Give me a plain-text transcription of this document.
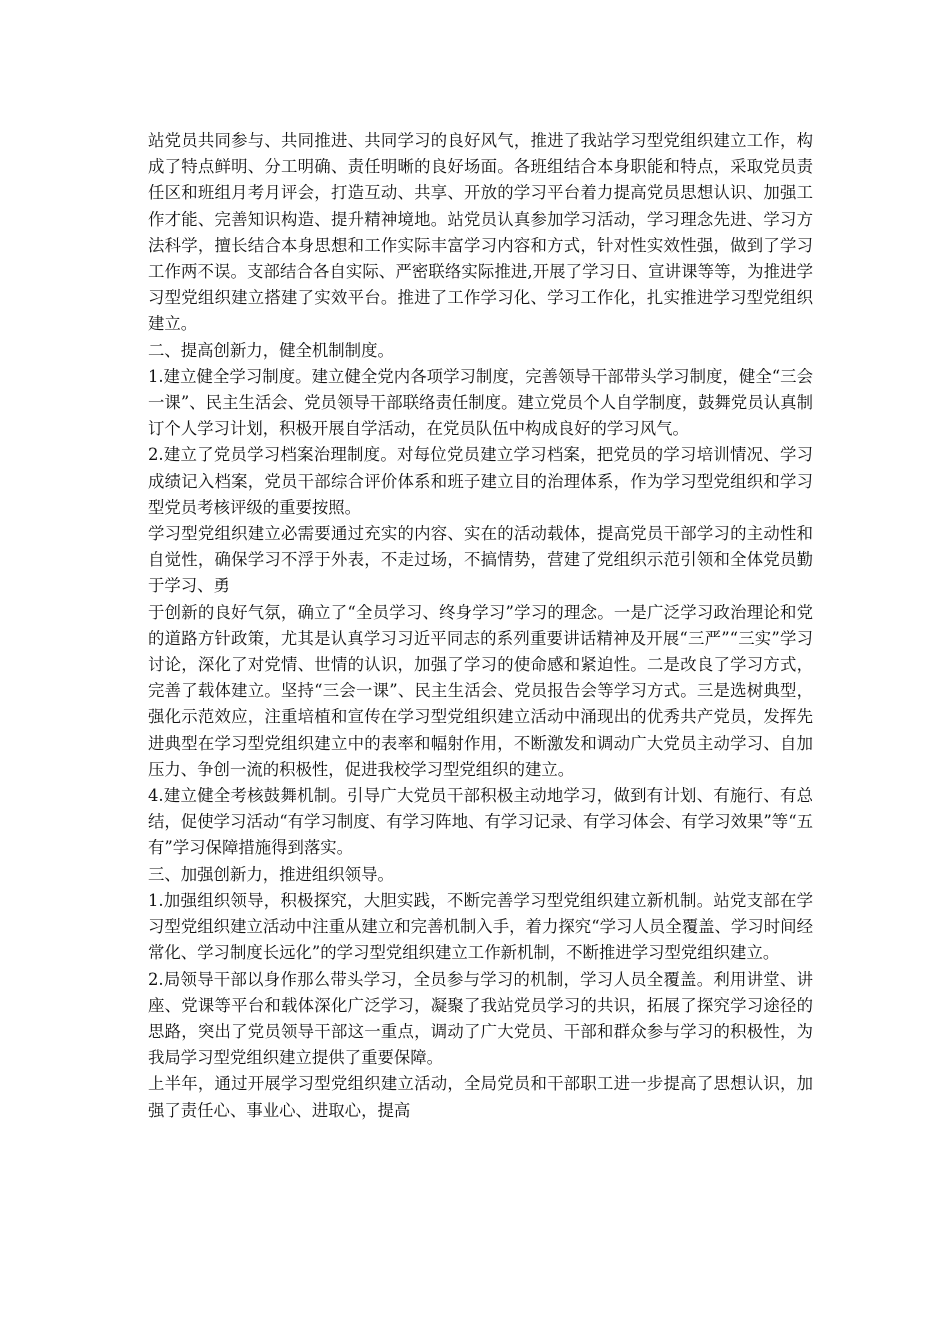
站党员共同参与、共同推进、共同学习的良好风气，推进了我站学习型党组织建立工作，构成了特点鲜明、分工明确、责任明晰的良好场面。各班组结合本身职能和特点，采取党员责任区和班组月考月评会，打造互动、共享、开放的学习平台着力提高党员思想认识、加强工作才能、完善知识构造、提升精神境地。站党员认真参加学习活动，学习理念先进、学习方法科学，擅长结合本身思想和工作实际丰富学习内容和方式，针对性实效性强，做到了学习工作两不误。支部结合各自实际、严密联络实际推进,开展了学习日、宣讲课等等，为推进学习型党组织建立搭建了实效平台。推进了工作学习化、学习工作化，扎实推进学习型党组织建立。

二、提高创新力，健全机制制度。

1.建立健全学习制度。建立健全党内各项学习制度，完善领导干部带头学习制度，健全“三会一课”、民主生活会、党员领导干部联络责任制度。建立党员个人自学制度，鼓舞党员认真制订个人学习计划，积极开展自学活动，在党员队伍中构成良好的学习风气。

2.建立了党员学习档案治理制度。对每位党员建立学习档案，把党员的学习培训情况、学习成绩记入档案，党员干部综合评价体系和班子建立目的治理体系，作为学习型党组织和学习型党员考核评级的重要按照。

学习型党组织建立必需要通过充实的内容、实在的活动载体，提高党员干部学习的主动性和自觉性，确保学习不浮于外表，不走过场，不搞情势，营建了党组织示范引领和全体党员勤于学习、勇

于创新的良好气氛，确立了“全员学习、终身学习”学习的理念。一是广泛学习政治理论和党的道路方针政策，尤其是认真学习习近平同志的系列重要讲话精神及开展“三严”“三实”学习讨论，深化了对党情、世情的认识，加强了学习的使命感和紧迫性。二是改良了学习方式，完善了载体建立。坚持“三会一课”、民主生活会、党员报告会等学习方式。三是选树典型，强化示范效应，注重培植和宣传在学习型党组织建立活动中涌现出的优秀共产党员，发挥先进典型在学习型党组织建立中的表率和幅射作用，不断激发和调动广大党员主动学习、自加压力、争创一流的积极性，促进我校学习型党组织的建立。

4.建立健全考核鼓舞机制。引导广大党员干部积极主动地学习，做到有计划、有施行、有总结，促使学习活动“有学习制度、有学习阵地、有学习记录、有学习体会、有学习效果”等“五有”学习保障措施得到落实。

三、加强创新力，推进组织领导。

1.加强组织领导，积极探究，大胆实践，不断完善学习型党组织建立新机制。站党支部在学习型党组织建立活动中注重从建立和完善机制入手，着力探究“学习人员全覆盖、学习时间经常化、学习制度长远化”的学习型党组织建立工作新机制，不断推进学习型党组织建立。

2.局领导干部以身作那么带头学习，全员参与学习的机制，学习人员全覆盖。利用讲堂、讲座、党课等平台和载体深化广泛学习，凝聚了我站党员学习的共识，拓展了探究学习途径的思路，突出了党员领导干部这一重点，调动了广大党员、干部和群众参与学习的积极性，为我局学习型党组织建立提供了重要保障。

上半年，通过开展学习型党组织建立活动，全局党员和干部职工进一步提高了思想认识，加强了责任心、事业心、进取心，提高
